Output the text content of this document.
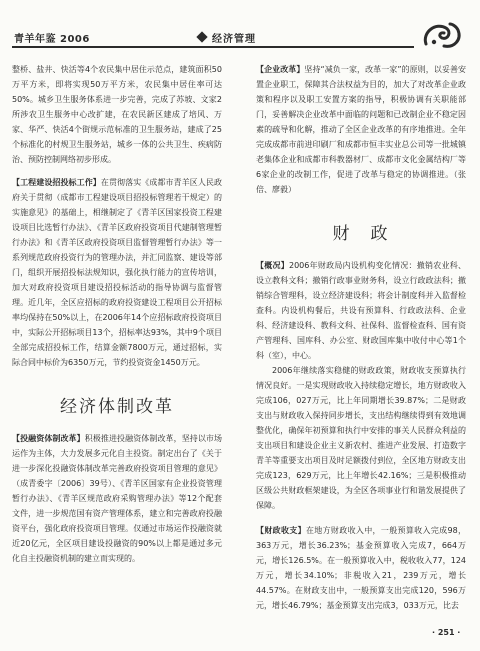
青羊年鉴 2006	经济管理

整桥、盐井、快活等4个农民集中居住示范点，建筑面积50万平方米，即将实现50万平方米，农民集中居住率可达50%。城乡卫生服务体系进一步完善，完成了苏坡、文家2所涉农卫生服务中心改扩建，在农民新区建成了培风、万家、华严、快活4个街规示范标准的卫生服务站，建成了25个标准化的村规卫生服务站，城乡一体的公共卫生、疾病防治、预防控制网络初步形成。

【工程建设招投标工作】在贯彻落实《成都市青羊区人民政府关于贯彻（成都市工程建设项目招投标管理若干规定）的实施意见》的基础上，相继制定了《青羊区国家投资工程建设项目比选暂行办法》、《青羊区政府投资项目代建制管理暂行办法》和《青羊区政府投资项目监督管理暂行办法》等一系列规范政府投资行为的管理办法，并汇同监察、建设等部门，组织开展招投标法规知识，强化执行能力的宣传培训，加大对政府投资项目建设招投标活动的指导协调与监督管理。近几年，全区应招标的政府投资建设工程项目公开招标率均保持在50%以上，在2006年14个应招标政府投资项目中，实际公开招标项目13个，招标率达93%，其中9个项目全部完成招投标工作，结算金额7800万元，通过招标，实际合同中标价为6350万元，节约投资资金1450万元。

经济体制改革

【投融资体制改革】积极推进投融资体制改革，坚持以市场运作为主体，大力发展多元化自主投资。制定出台了《关于进一步深化投融资体制改革完善政府投资项目管理的意见》（成青委字〔2006〕39号）、《青羊区国家有企业投资管理暂行办法》、《青羊区规范政府采购管理办法》等12个配套文件，进一步规范国有资产管理体系，建立和完善政府投融资平台，强化政府投资项目管理。仅通过市场运作投融资就近20亿元，全区项目建设投融资的90%以上都是通过多元化自主投融资机制的建立而实现的。

【企业改革】坚持“减负一家，改革一家”的原则，以妥善安置企业职工，保障其合法权益为目的，加大了对改革企业政策和程序以及职工安置方案的指导，积极协调有关职能部门，妥善解决企业改革中面临的问题和已改制企业不稳定因素的疏导和化解，推动了全区企业改革的有序地推进。全年完成成都市前进印刷厂和成都市恒丰实业总公司等一批城镇老集体企业和成都市科教器材厂、成都市文化金属结构厂等6家企业的改制工作，促进了改革与稳定的协调推进。（张倍、廖毅）

财　政

【概况】2006年财政局内设机构变化情况：撤销农业科、设立教科文科；撤销行政事业财务科，设立行政政法科；撤销综合管理科，设立经济建设科；将会计制度科并入监督检查科。内设机构餐后，共设有预算科、行政政法科、企业科、经济建设科、教科文科、社保科、监督检查科、国有资产管理科、国库科、办公室、财政国库集中收付中心等1个科（室），中心。

2006年继续落实稳健的财政政策，财政收支预算执行情况良好。一是实现财政收入持续稳定增长，地方财政收入完成106，027万元，比上年同期增长39.87%；二是财政支出与财政收入保持同步增长，支出结构继续得到有效地调整优化，确保年初预算和执行中安排的事关人民群众利益的支出项目和建设企业主义新农村、推进产业发展、打造数字青羊等重要支出项目及时足额拨付到位，全区地方财政支出完成123，629万元，比上年增长42.16%；三是积极推动区级公共财政框架建设，为全区各项事业行和谐发展提供了保障。

【财政收支】在地方财政收入中，一般预算收入完成98，363万元，增长36.23%；基金预算收入完成7，664万元，增长126.5%。在一般预算收入中，税收收入77，124万元，增长34.10%；非税收入21，239万元，增长44.57%。在财政支出中，一般预算支出完成120，596万元，增长46.79%；基金预算支出完成3，033万元，比去

· 251 ·
